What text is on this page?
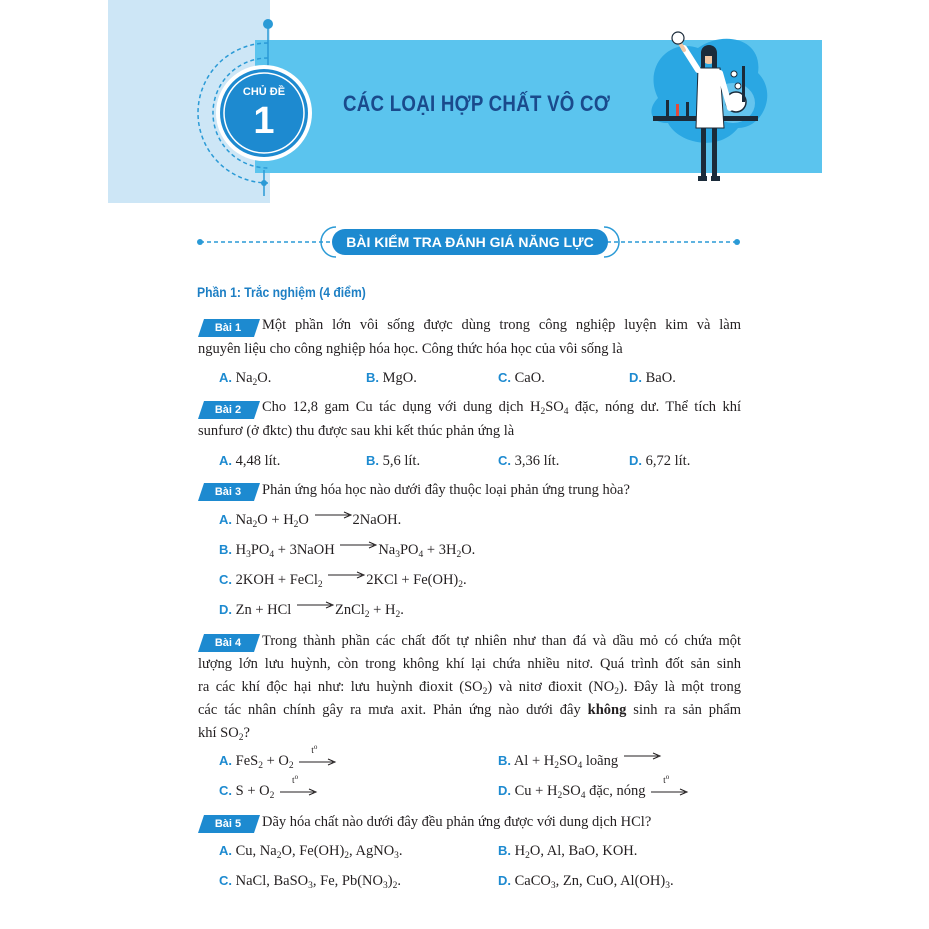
CHỦ ĐỀ
1	CÁC LOẠI HỢP CHẤT VÔ CƠ
BÀI KIỂM TRA ĐÁNH GIÁ NĂNG LỰC
Phần 1: Trắc nghiệm (4 điểm)
Bài 1	Một phần lớn vôi sống được dùng trong công nghiệp luyện kim và làm
nguyên liệu cho công nghiệp hóa học. Công thức hóa học của vôi sống là
A. $Na_2O$.	B. MgO.	C. CaO.	D. BaO.
Bài 2	Cho 12,8 gam Cu tác dụng với dung dịch $H_2SO_4$ đặc, nóng dư. Thể tích khí
sunfurơ (ở đktc) thu được sau khi kết thúc phản ứng là
A. 4,48 lít.	B. 5,6 lít.	C. 3,36 lít.	D. 6,72 lít.
Bài 3	Phản ứng hóa học nào dưới đây thuộc loại phản ứng trung hòa?
A. $Na_2O + H_2O$ →2NaOH.
B. $H_3PO_4$ + 3NaOH $\to Na_3PO_4 + 3H_2O$.
C. 2KOH + FeCl$_2$ $\to 2KCl + Fe(OH)_2$.
D. Zn + HCl →ZnCl$_2$ + $H_2$.
Bài 4	Trong thành phần các chất đốt tự nhiên như than đá và dầu mỏ có chứa một
lượng lớn lưu huỳnh, còn trong không khí lại chứa nhiều nitơ. Quá trình đốt sản sinh
ra các khí độc hại như: lưu huỳnh đioxit $(SO_2)$ và nitơ đioxit $(NO_2)$. Đây là một trong
các tác nhân chính gây ra mưa axit. Phản ứng nào dưới đây không sinh ra sản phẩm
khí $SO_2$?
A. $FeS_2 + O_2$
$t^o$
B. $Al + H_2SO_4$ loãng →
C. $S + O_2$
$t^o$
D. $Cu + H_2SO_4$ đặc, nóng
$t^o$
Bài 5	Dãy hóa chất nào dưới đây đều phản ứng được với dung dịch HCl?
A. Cu, $Na_2O$, $Fe(OH)_2$, AgNO$_3$.	B. $H_2O$, Al, BaO, KOH.
C. NaCl, BaSO$_3$, Fe, $Pb(NO_3)_2$.	D. CaCO$_3$, Zn, CuO, $Al(OH)_3$.
